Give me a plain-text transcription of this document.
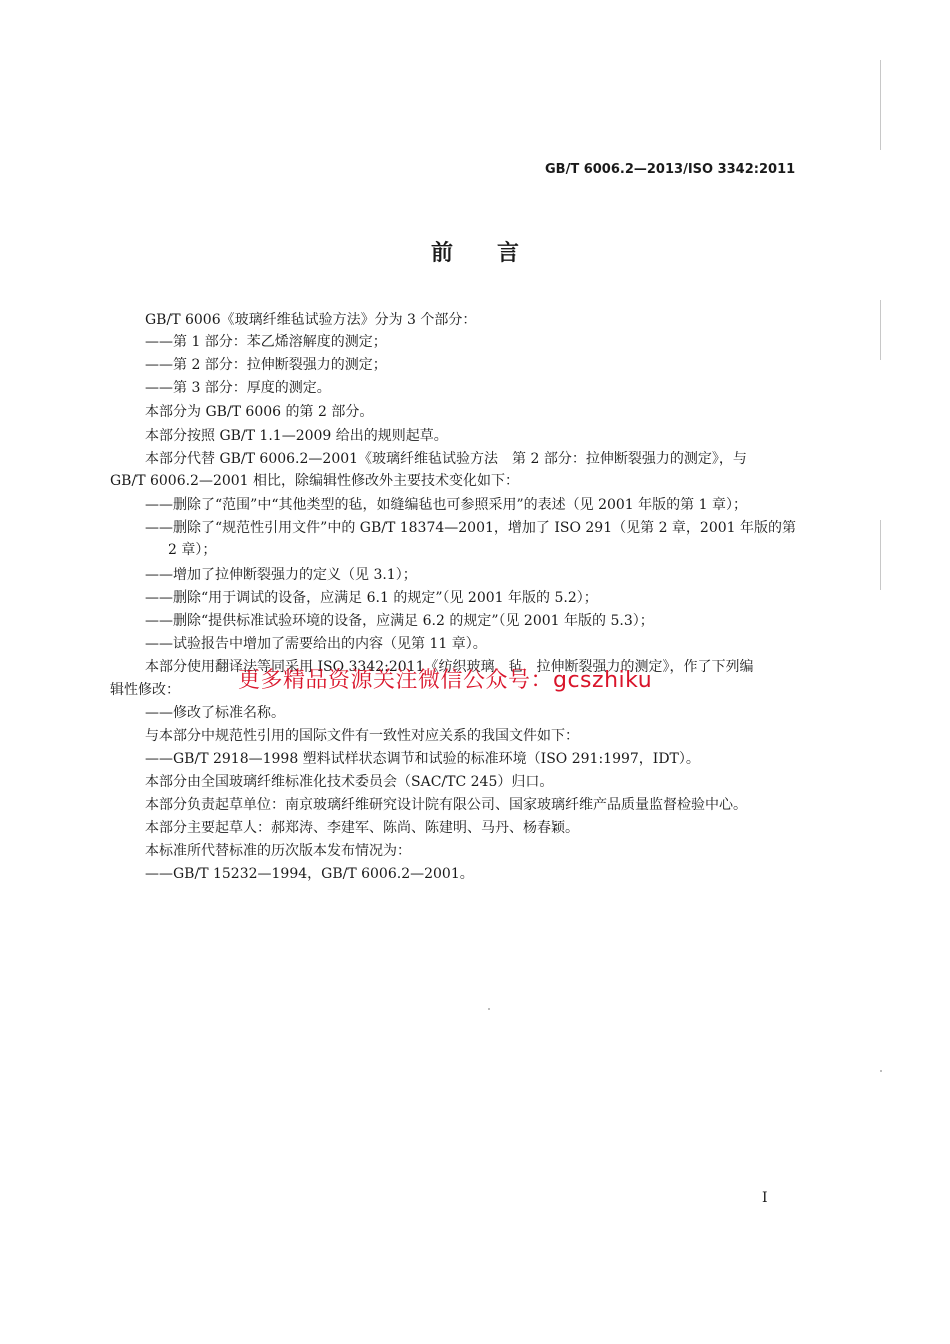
GB/T 6006.2—2013/ISO 3342:2011
前言
GB/T 6006《玻璃纤维毡试验方法》分为 3 个部分：
——第 1 部分：苯乙烯溶解度的测定；
——第 2 部分：拉伸断裂强力的测定；
——第 3 部分：厚度的测定。
本部分为 GB/T 6006 的第 2 部分。
本部分按照 GB/T 1.1—2009 给出的规则起草。
本部分代替 GB/T 6006.2—2001《玻璃纤维毡试验方法　第 2 部分：拉伸断裂强力的测定》，与
GB/T 6006.2—2001 相比，除编辑性修改外主要技术变化如下：
——删除了“范围”中“其他类型的毡，如缝编毡也可参照采用”的表述（见 2001 年版的第 1 章）；
——删除了“规范性引用文件”中的 GB/T 18374—2001，增加了 ISO 291（见第 2 章，2001 年版的第
2 章）；
——增加了拉伸断裂强力的定义（见 3.1）；
——删除“用于调试的设备，应满足 6.1 的规定”（见 2001 年版的 5.2）；
——删除“提供标准试验环境的设备，应满足 6.2 的规定”（见 2001 年版的 5.3）；
——试验报告中增加了需要给出的内容（见第 11 章）。
本部分使用翻译法等同采用 ISO 3342:2011《纺织玻璃　毡　拉伸断裂强力的测定》，作了下列编
辑性修改：
——修改了标准名称。
与本部分中规范性引用的国际文件有一致性对应关系的我国文件如下：
——GB/T 2918—1998 塑料试样状态调节和试验的标准环境（ISO 291:1997，IDT）。
本部分由全国玻璃纤维标准化技术委员会（SAC/TC 245）归口。
本部分负责起草单位：南京玻璃纤维研究设计院有限公司、国家玻璃纤维产品质量监督检验中心。
本部分主要起草人：郝郑涛、李建军、陈尚、陈建明、马丹、杨春颖。
本标准所代替标准的历次版本发布情况为：
——GB/T 15232—1994，GB/T 6006.2—2001。
更多精品资源关注微信公众号：gcszhiku
I
